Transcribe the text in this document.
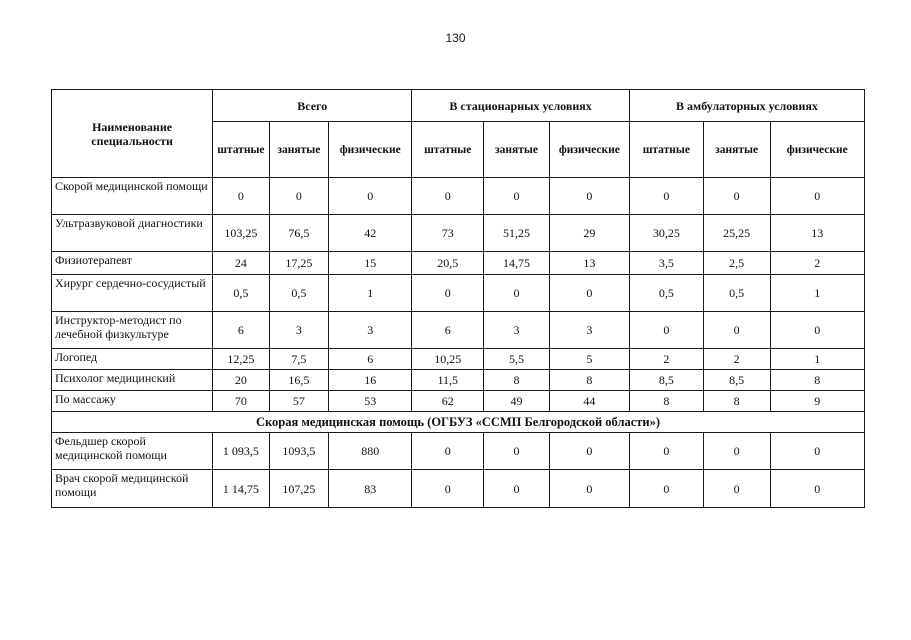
130
Наименование специальности	Всего			В стационарных условиях			В амбулаторных условиях		
	штатные	занятые	физические	штатные	занятые	физические	штатные	занятые	физические
Скорой медицинской помощи	0	0	0	0	0	0	0	0	0
Ультразвуковой диагностики	103,25	76,5	42	73	51,25	29	30,25	25,25	13
Физиотерапевт	24	17,25	15	20,5	14,75	13	3,5	2,5	2
Хирург сердечно-сосудистый	0,5	0,5	1	0	0	0	0,5	0,5	1
Инструктор-методист по лечебной физкультуре	6	3	3	6	3	3	0	0	0
Логопед	12,25	7,5	6	10,25	5,5	5	2	2	1
Психолог медицинский	20	16,5	16	11,5	8	8	8,5	8,5	8
По массажу	70	57	53	62	49	44	8	8	9
Скорая медицинская помощь (ОГБУЗ «ССМП Белгородской области»)									
Фельдшер скорой медицинской помощи	1 093,5	1093,5	880	0	0	0	0	0	0
Врач скорой медицинской помощи	1 14,75	107,25	83	0	0	0	0	0	0
